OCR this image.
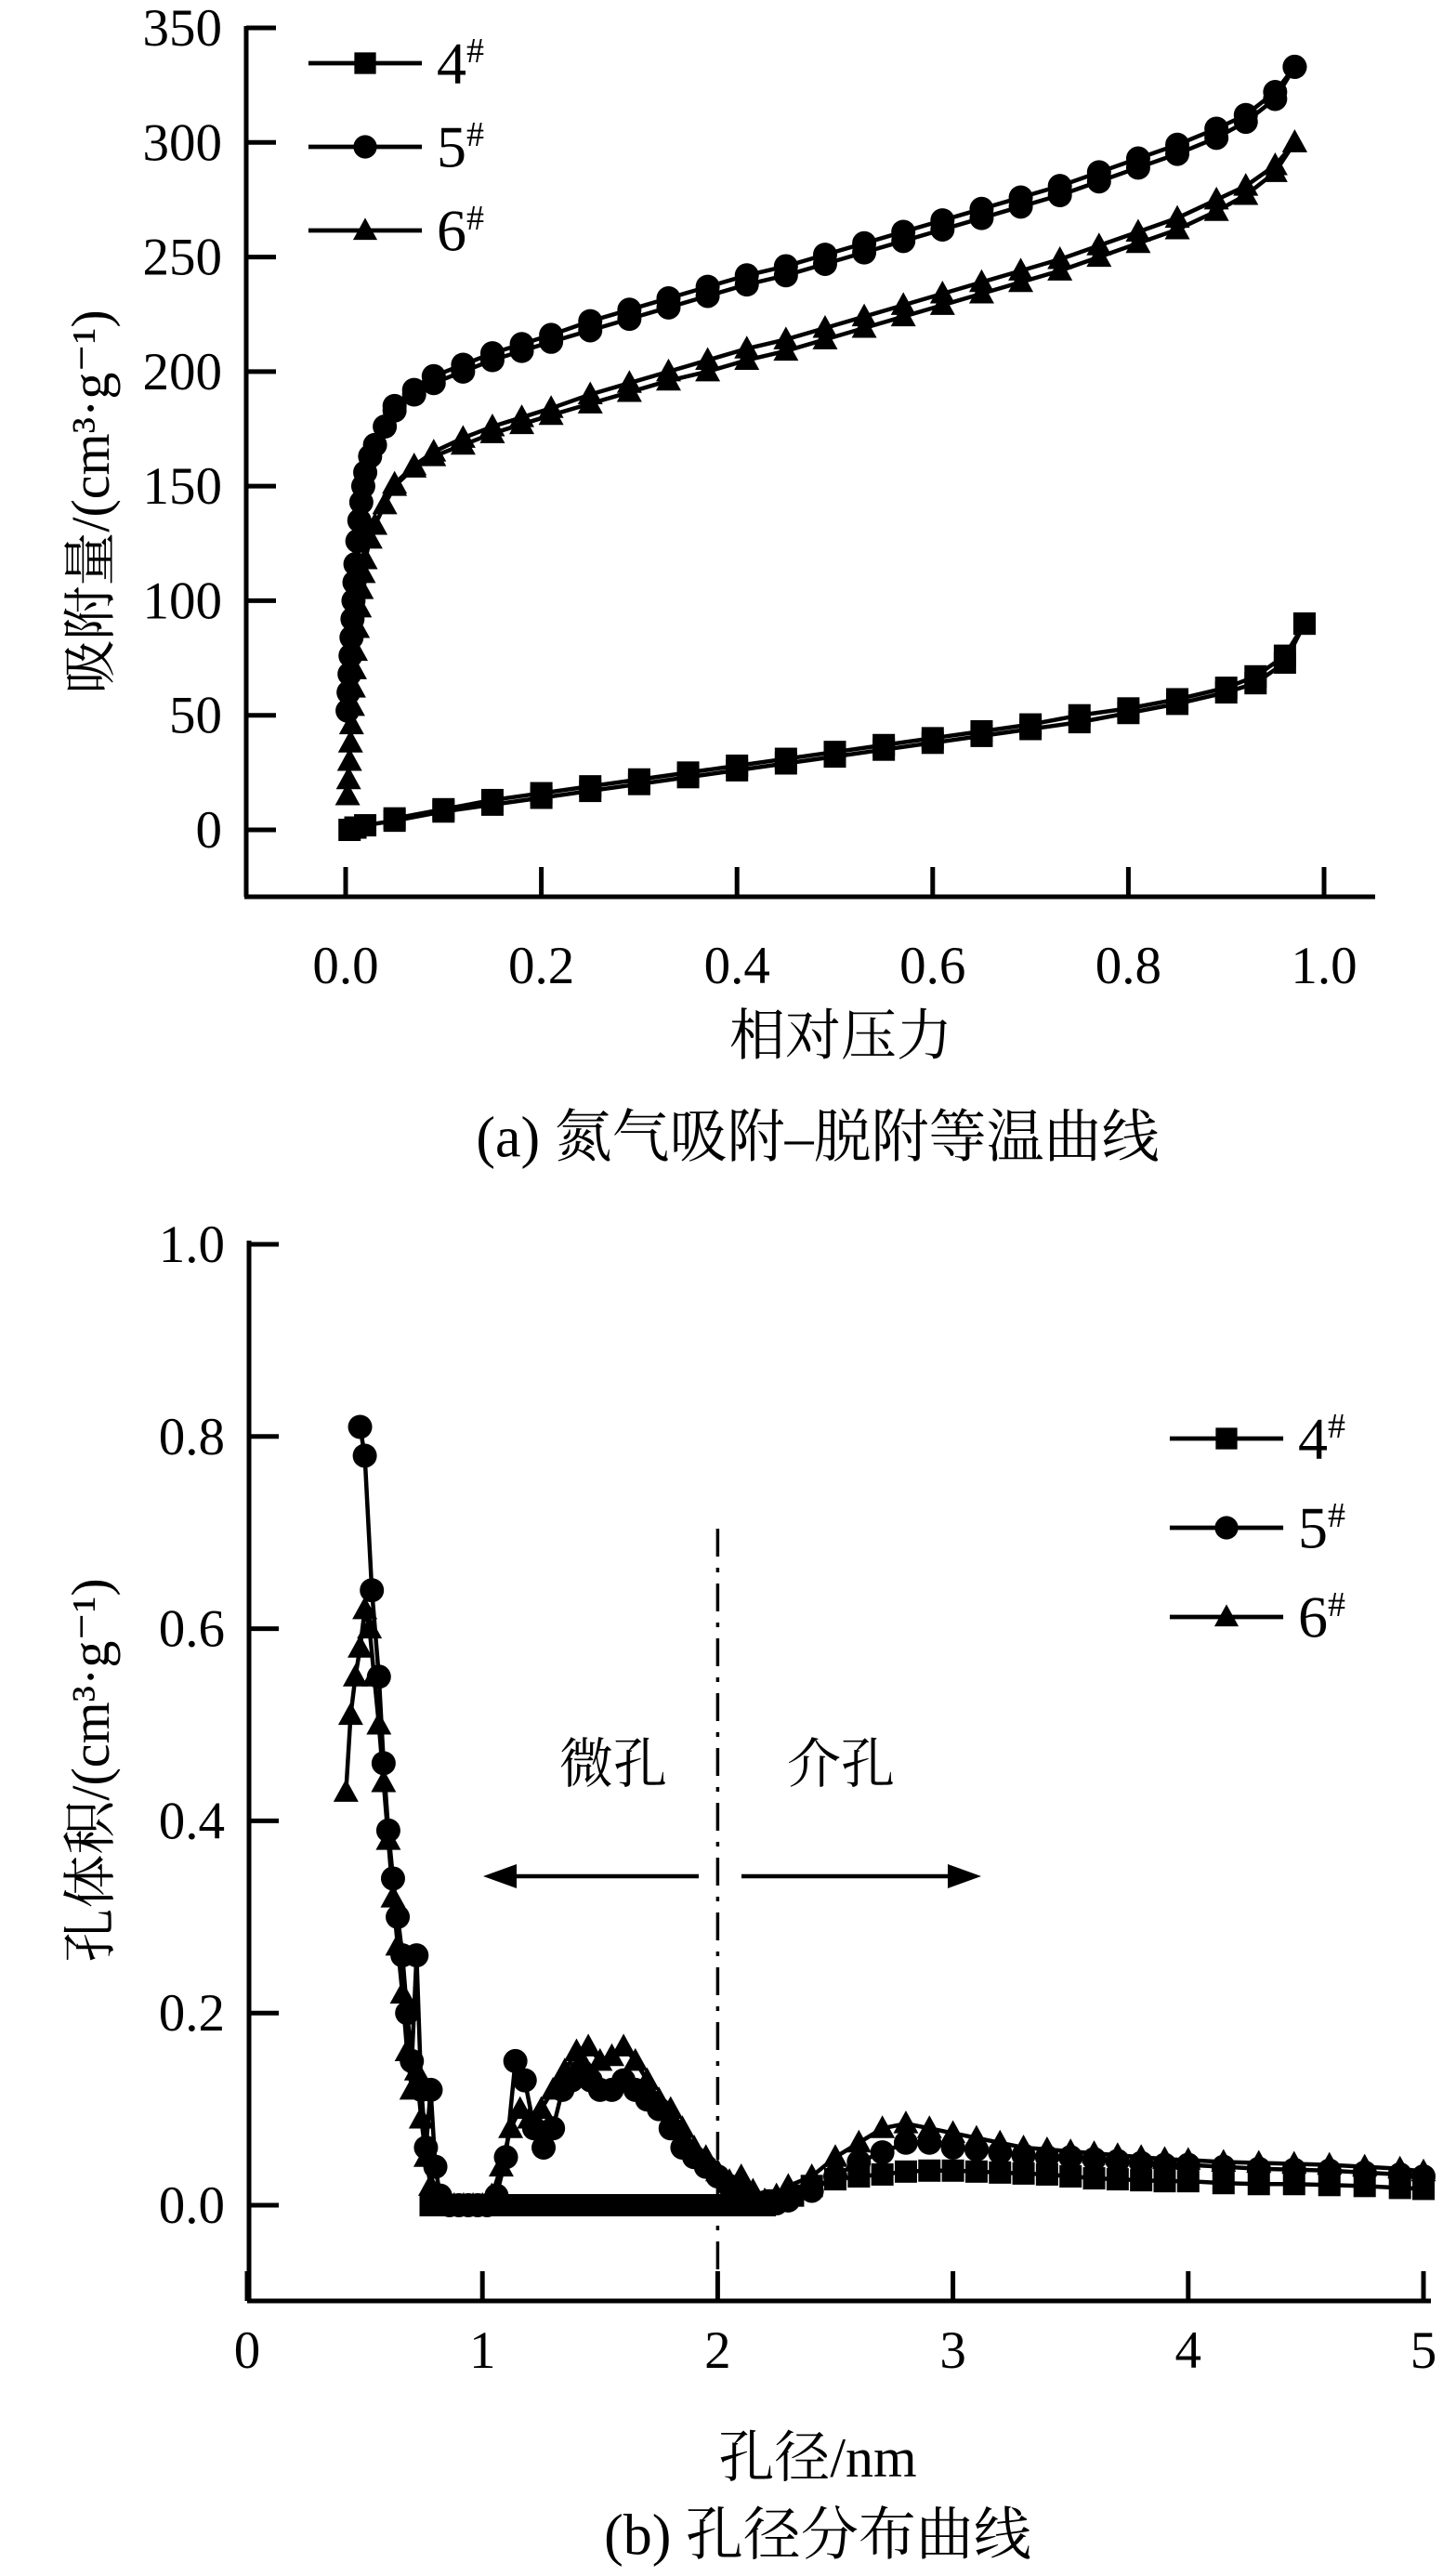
0.0 0.2 0.4 0.6 0.8 1.0
0
50
100
150
200
250
300
350
0	1	2	3	4	5
0.0
0.2
0.4
0.6
0.8
1.0
吸附量/(cm³·g⁻¹)
相对压力
(a) 氮气吸附–脱附等温曲线
4#
5#
6#
孔体积/(cm³·g⁻¹)
孔径/nm
(b) 孔径分布曲线
微孔 介孔
4#
5#
6#
